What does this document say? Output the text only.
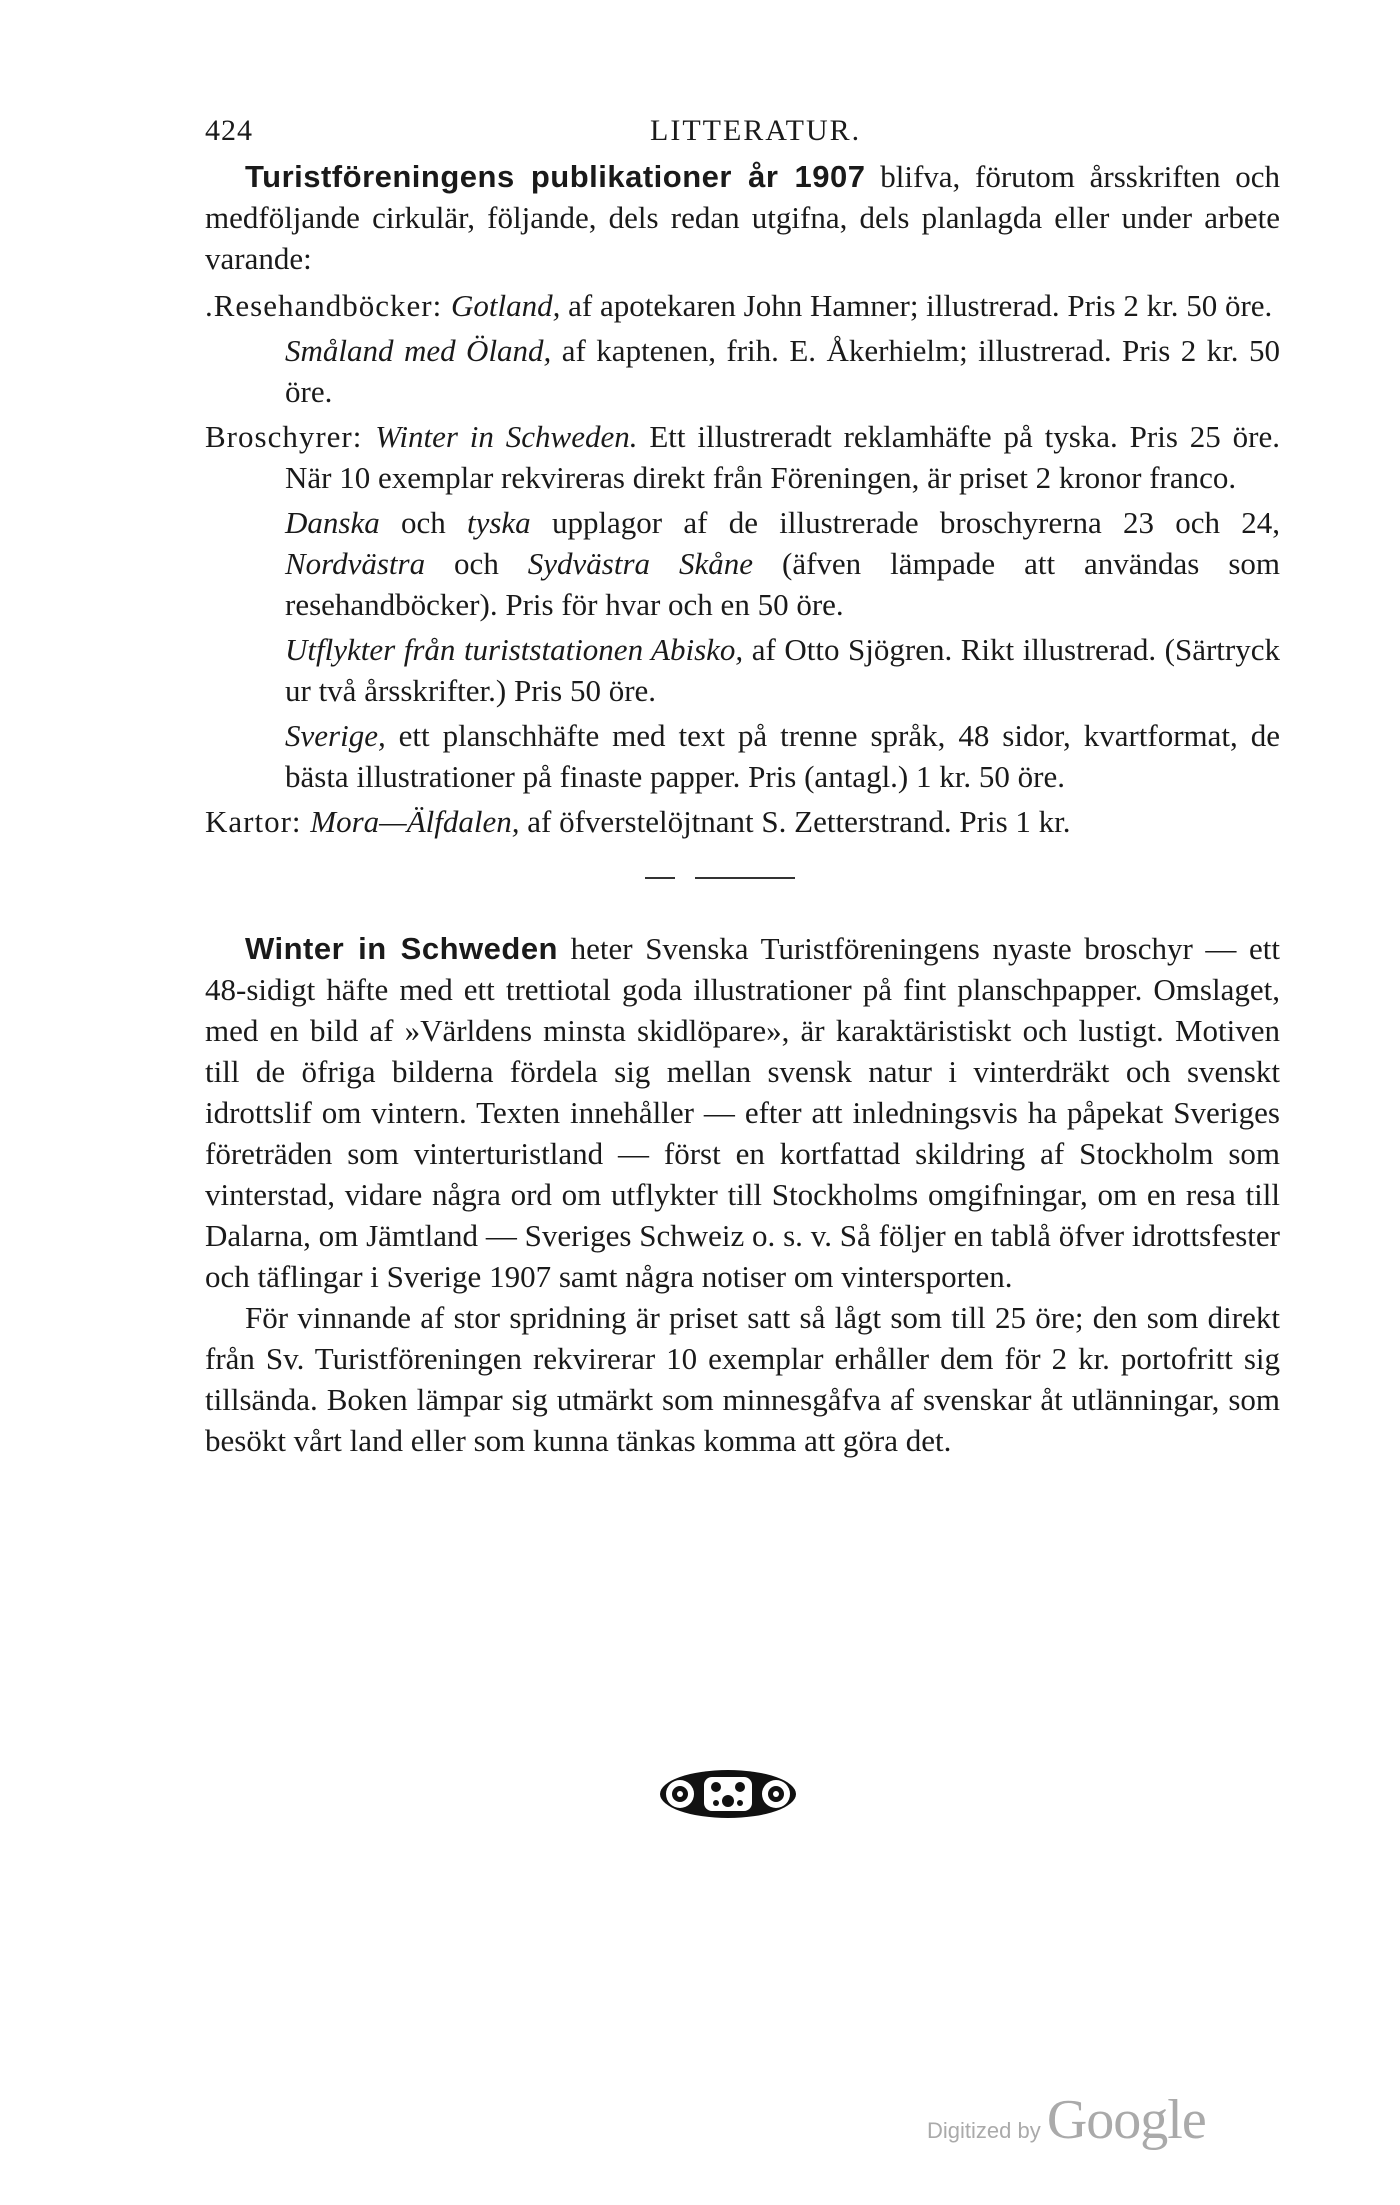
424	LITTERATUR.

Turistföreningens publikationer år 1907 blifva, förutom årsskriften och medföljande cirkulär, följande, dels redan utgifna, dels planlagda eller under arbete varande:

.Resehandböcker: Gotland, af apotekaren John Hamner; illustrerad. Pris 2 kr. 50 öre.

Småland med Öland, af kaptenen, frih. E. Åkerhielm; illustrerad. Pris 2 kr. 50 öre.

Broschyrer: Winter in Schweden. Ett illustreradt reklamhäfte på tyska. Pris 25 öre. När 10 exemplar rekvireras direkt från Föreningen, är priset 2 kronor franco.

Danska och tyska upplagor af de illustrerade broschyrerna 23 och 24, Nordvästra och Sydvästra Skåne (äfven lämpade att användas som resehandböcker). Pris för hvar och en 50 öre.

Utflykter från turiststationen Abisko, af Otto Sjögren. Rikt illustrerad. (Särtryck ur två årsskrifter.) Pris 50 öre.

Sverige, ett planschhäfte med text på trenne språk, 48 sidor, kvartformat, de bästa illustrationer på finaste papper. Pris (antagl.) 1 kr. 50 öre.

Kartor: Mora—Älfdalen, af öfverstelöjtnant S. Zetterstrand. Pris 1 kr.

Winter in Schweden heter Svenska Turistföreningens nyaste broschyr — ett 48-sidigt häfte med ett trettiotal goda illustrationer på fint planschpapper. Omslaget, med en bild af »Världens minsta skidlöpare», är karaktäristiskt och lustigt. Motiven till de öfriga bilderna fördela sig mellan svensk natur i vinterdräkt och svenskt idrottslif om vintern. Texten innehåller — efter att inledningsvis ha påpekat Sveriges företräden som vinterturistland — först en kortfattad skildring af Stockholm som vinterstad, vidare några ord om utflykter till Stockholms omgifningar, om en resa till Dalarna, om Jämtland — Sveriges Schweiz o. s. v. Så följer en tablå öfver idrottsfester och täflingar i Sverige 1907 samt några notiser om vintersporten.

För vinnande af stor spridning är priset satt så lågt som till 25 öre; den som direkt från Sv. Turistföreningen rekvirerar 10 exemplar erhåller dem för 2 kr. portofritt sig tillsända. Boken lämpar sig utmärkt som minnesgåfva af svenskar åt utlänningar, som besökt vårt land eller som kunna tänkas komma att göra det.

Digitized by Google
